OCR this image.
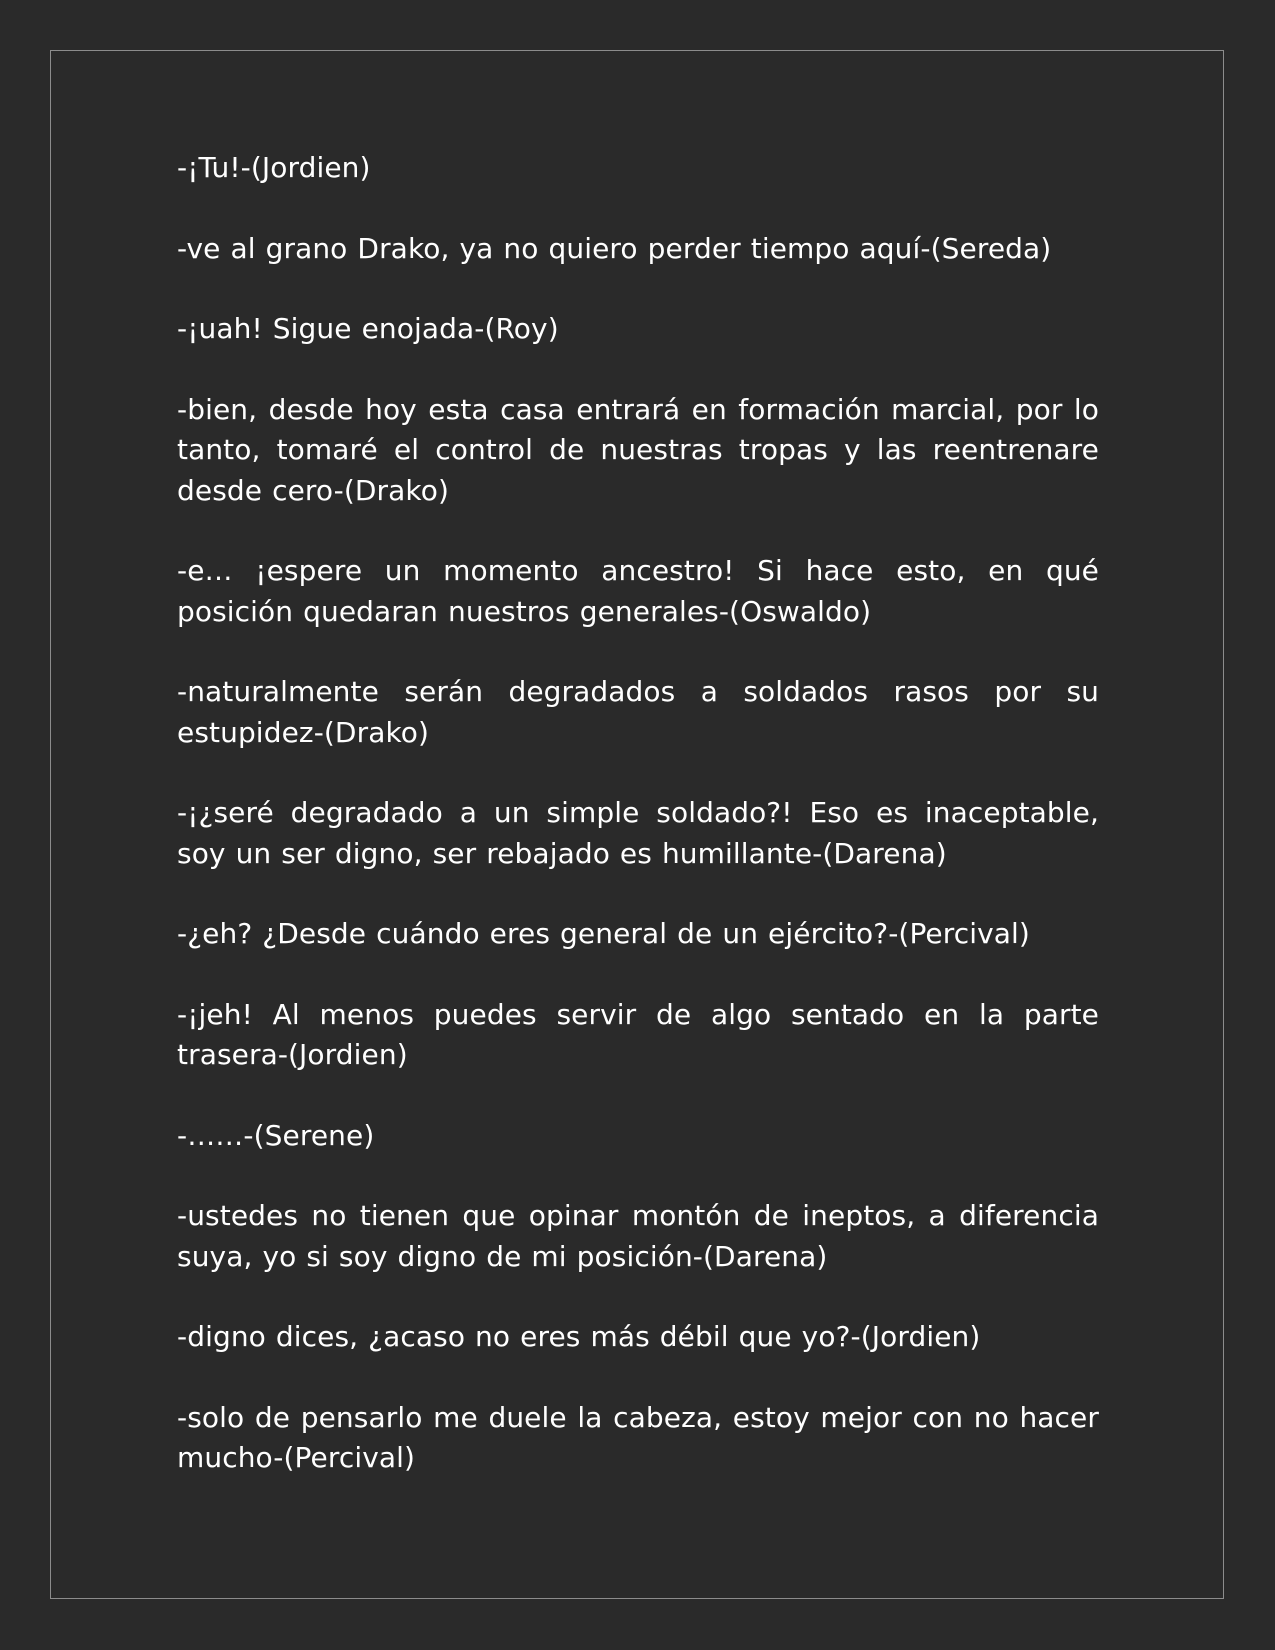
-¡Tu!-(Jordien)

-ve al grano Drako, ya no quiero perder tiempo aquí-(Sereda)

-¡uah! Sigue enojada-(Roy)

-bien, desde hoy esta casa entrará en formación marcial, por lo tanto, tomaré el control de nuestras tropas y las reentrenare desde cero-(Drako)

-e… ¡espere un momento ancestro! Si hace esto, en qué posición quedaran nuestros generales-(Oswaldo)

-naturalmente serán degradados a soldados rasos por su estupidez-(Drako)

-¡¿seré degradado a un simple soldado?! Eso es inaceptable, soy un ser digno, ser rebajado es humillante-(Darena)

-¿eh? ¿Desde cuándo eres general de un ejército?-(Percival)

-¡jeh! Al menos puedes servir de algo sentado en la parte trasera-(Jordien)

-……-(Serene)

-ustedes no tienen que opinar montón de ineptos, a diferencia suya, yo si soy digno de mi posición-(Darena)

-digno dices, ¿acaso no eres más débil que yo?-(Jordien)

-solo de pensarlo me duele la cabeza, estoy mejor con no hacer mucho-(Percival)
